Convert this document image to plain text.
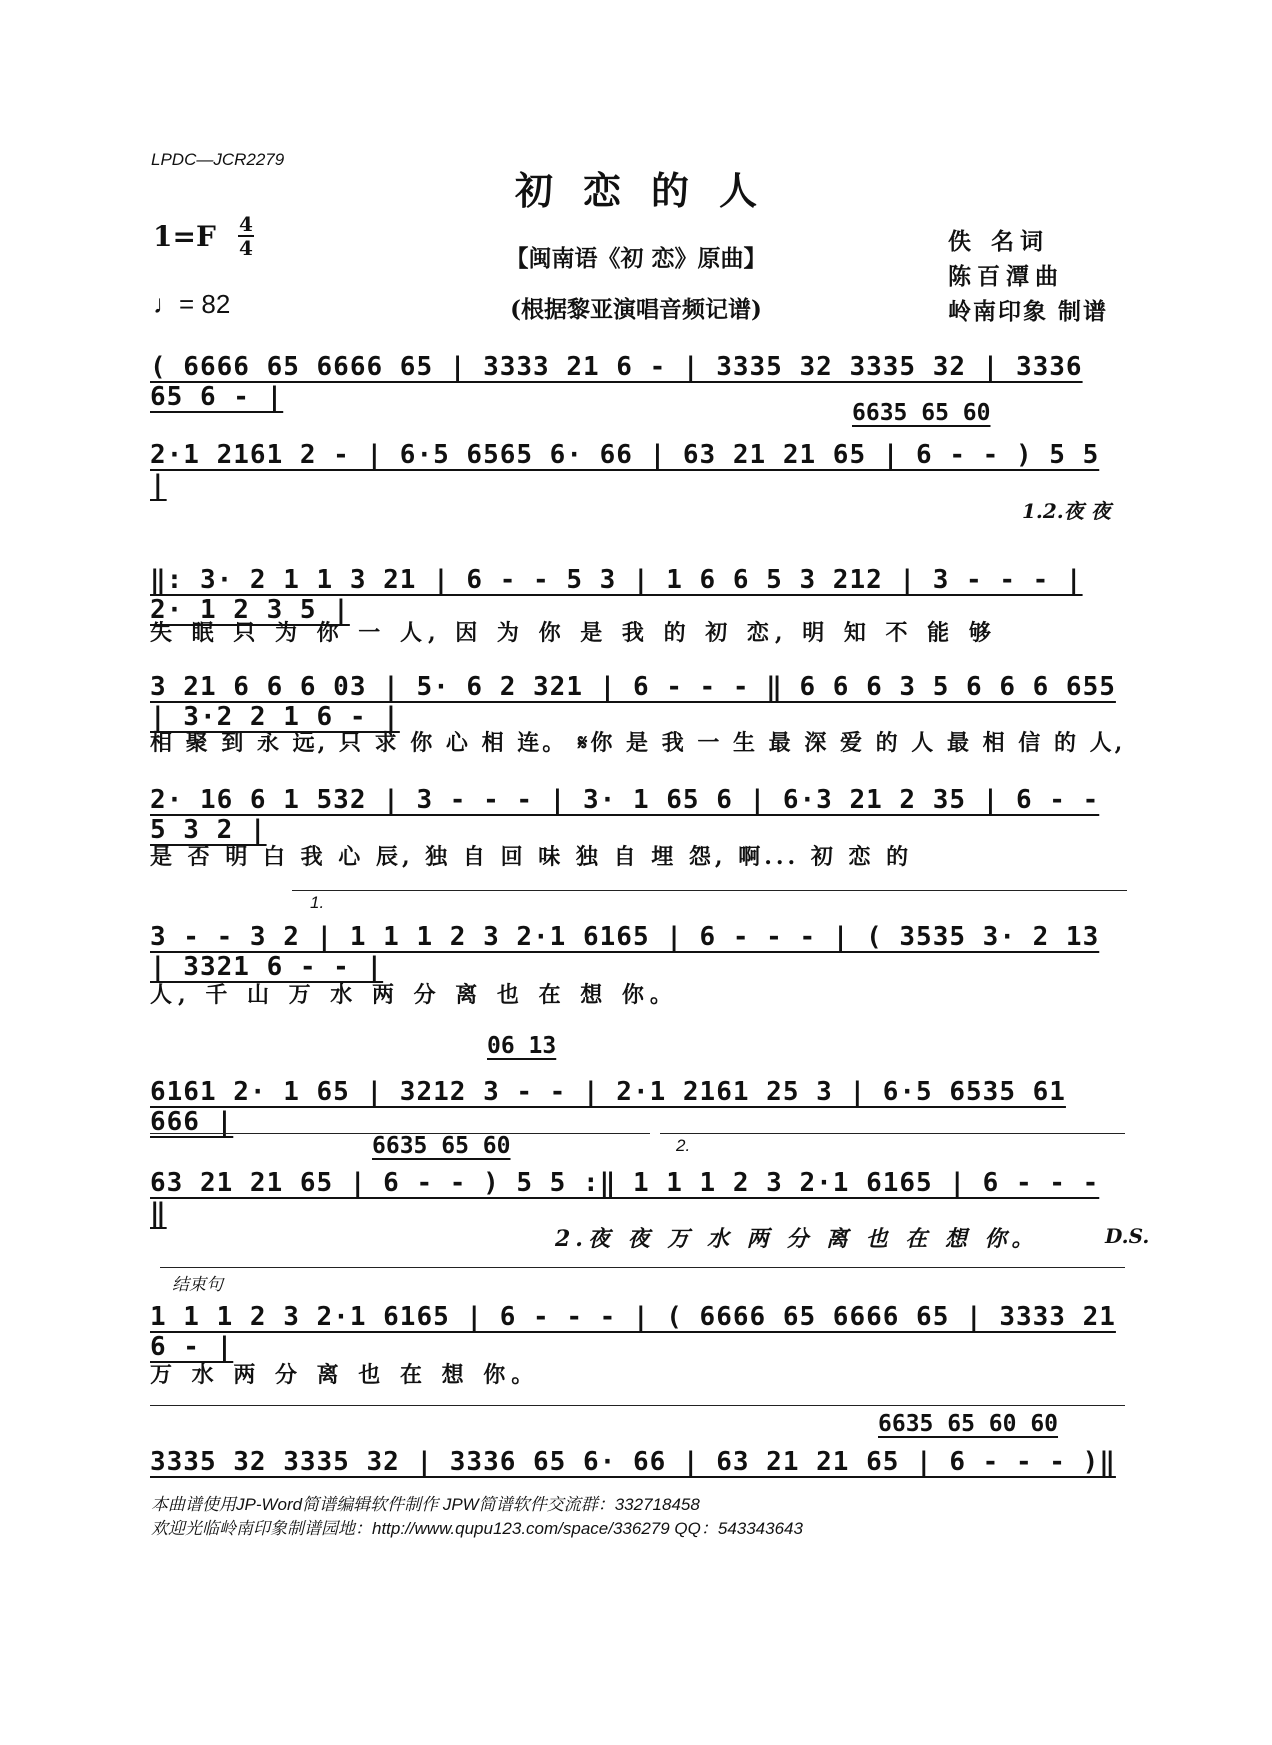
LPDC—JCR2279
初恋的人
1=F 4
4
♩= 82
【闽南语《初 恋》原曲】
(根据黎亚演唱音频记谱)
佚 名词
陈百潭曲
岭南印象 制谱
( 6666 65 6666 65 | 3333 21 6 - | 3335 32 3335 32 | 3336 65 6 - |
6635 65 60
2·1 2161 2 - | 6·5 6565 6· 66 | 63 21 21 65 | 6 - - ) 5 5 |
1.2.夜 夜
‖: 3· 2 1 1 3 21 | 6 - - 5 3 | 1 6 6 5 3 212 | 3 - - - | 2· 1 2 3 5 |
失 眠 只 为 你 一 人, 因 为 你 是 我 的 初 恋, 明 知 不 能 够
3 21 6 6 6 03 | 5· 6 2 321 | 6 - - - ‖ 6 6 6 3 5 6 6 6 655 | 3·2 2 1 6 - |
相 聚 到 永 远, 只 求 你 心 相 连。 𝄋你 是 我 一 生 最 深 爱 的 人 最 相 信 的 人,
2· 16 6 1 532 | 3 - - - | 3· 1 65 6 | 6·3 21 2 35 | 6 - - 5 3 2 |
是 否 明 白 我 心 辰, 独 自 回 味 独 自 埋 怨, 啊... 初 恋 的
1.
3 - - 3 2 | 1 1 1 2 3 2·1 6165 | 6 - - - | ( 3535 3· 2 13 | 3321 6 - - |
人, 千 山 万 水 两 分 离 也 在 想 你。
06 13
6161 2· 1 65 | 3212 3 - - | 2·1 2161 25 3 | 6·5 6535 61 666 |
2.
6635 65 60
63 21 21 65 | 6 - - ) 5 5 :‖ 1 1 1 2 3 2·1 6165 | 6 - - - ‖
2.夜 夜 万 水 两 分 离 也 在 想 你。	D.S.
结束句
1 1 1 2 3 2·1 6165 | 6 - - - | ( 6666 65 6666 65 | 3333 21 6 - |
万 水 两 分 离 也 在 想 你。
6635 65 60 60
3335 32 3335 32 | 3336 65 6· 66 | 63 21 21 65 | 6 - - - )‖
本曲谱使用JP-Word简谱编辑软件制作 JPW简谱软件交流群：332718458
欢迎光临岭南印象制谱园地：http://www.qupu123.com/space/336279 QQ：543343643
